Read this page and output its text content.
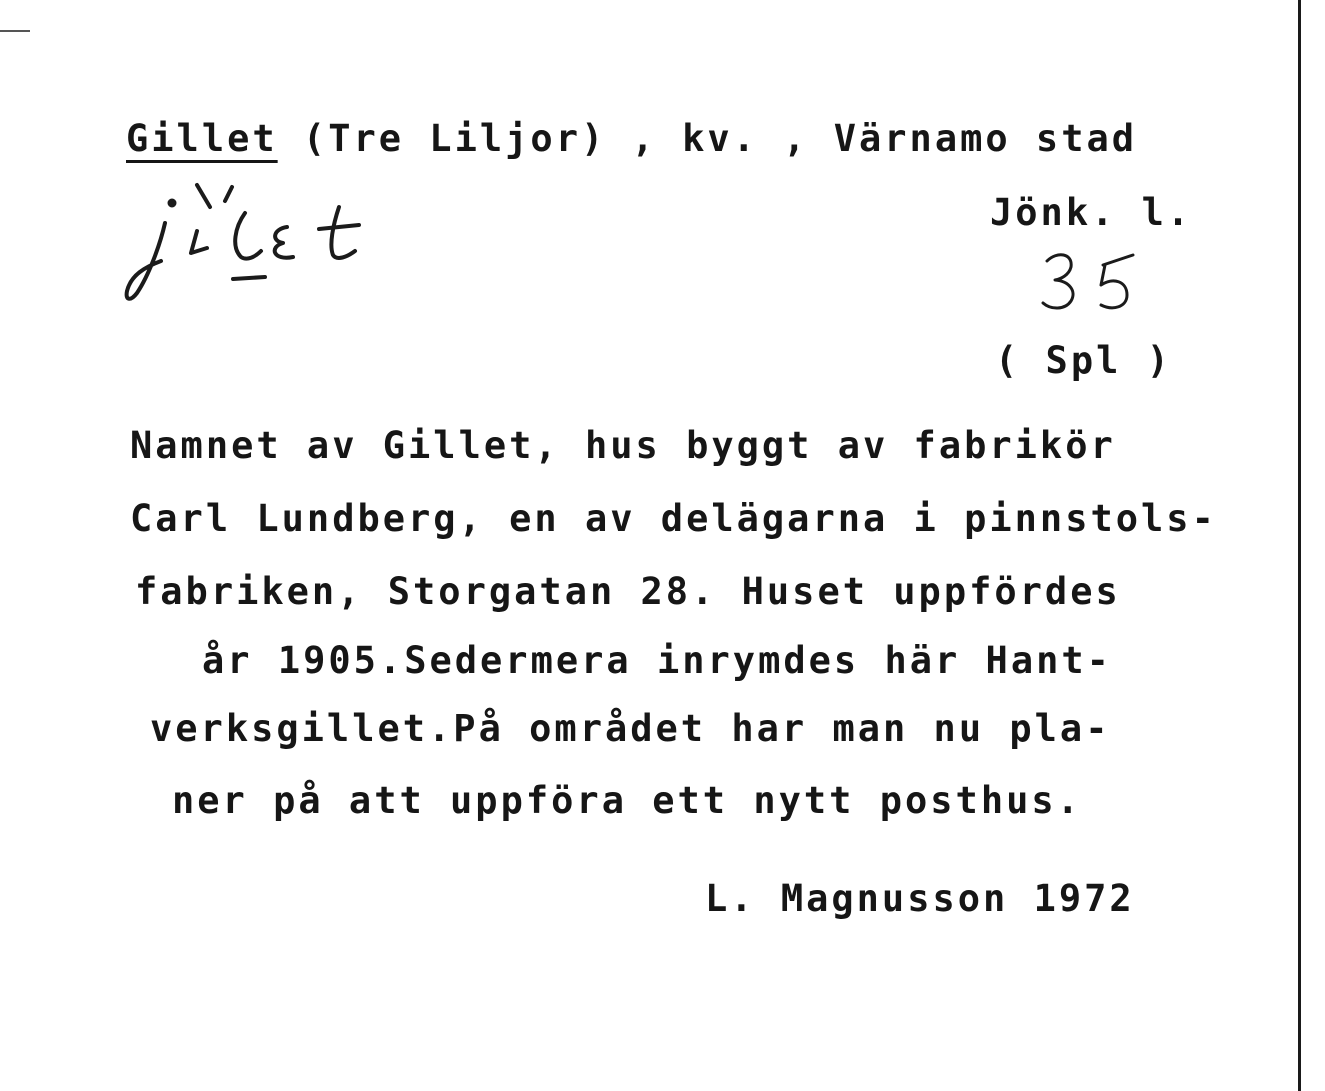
Gillet (Tre Liljor) , kv. , Värnamo stad
Jönk. l.
( Spl )
Namnet av Gillet, hus byggt av fabrikör
Carl Lundberg, en av delägarna i pinnstols-
fabriken, Storgatan 28. Huset uppfördes
år 1905.Sedermera inrymdes här Hant-
verksgillet.På området har man nu pla-
ner på att uppföra ett nytt posthus.
L. Magnusson 1972
